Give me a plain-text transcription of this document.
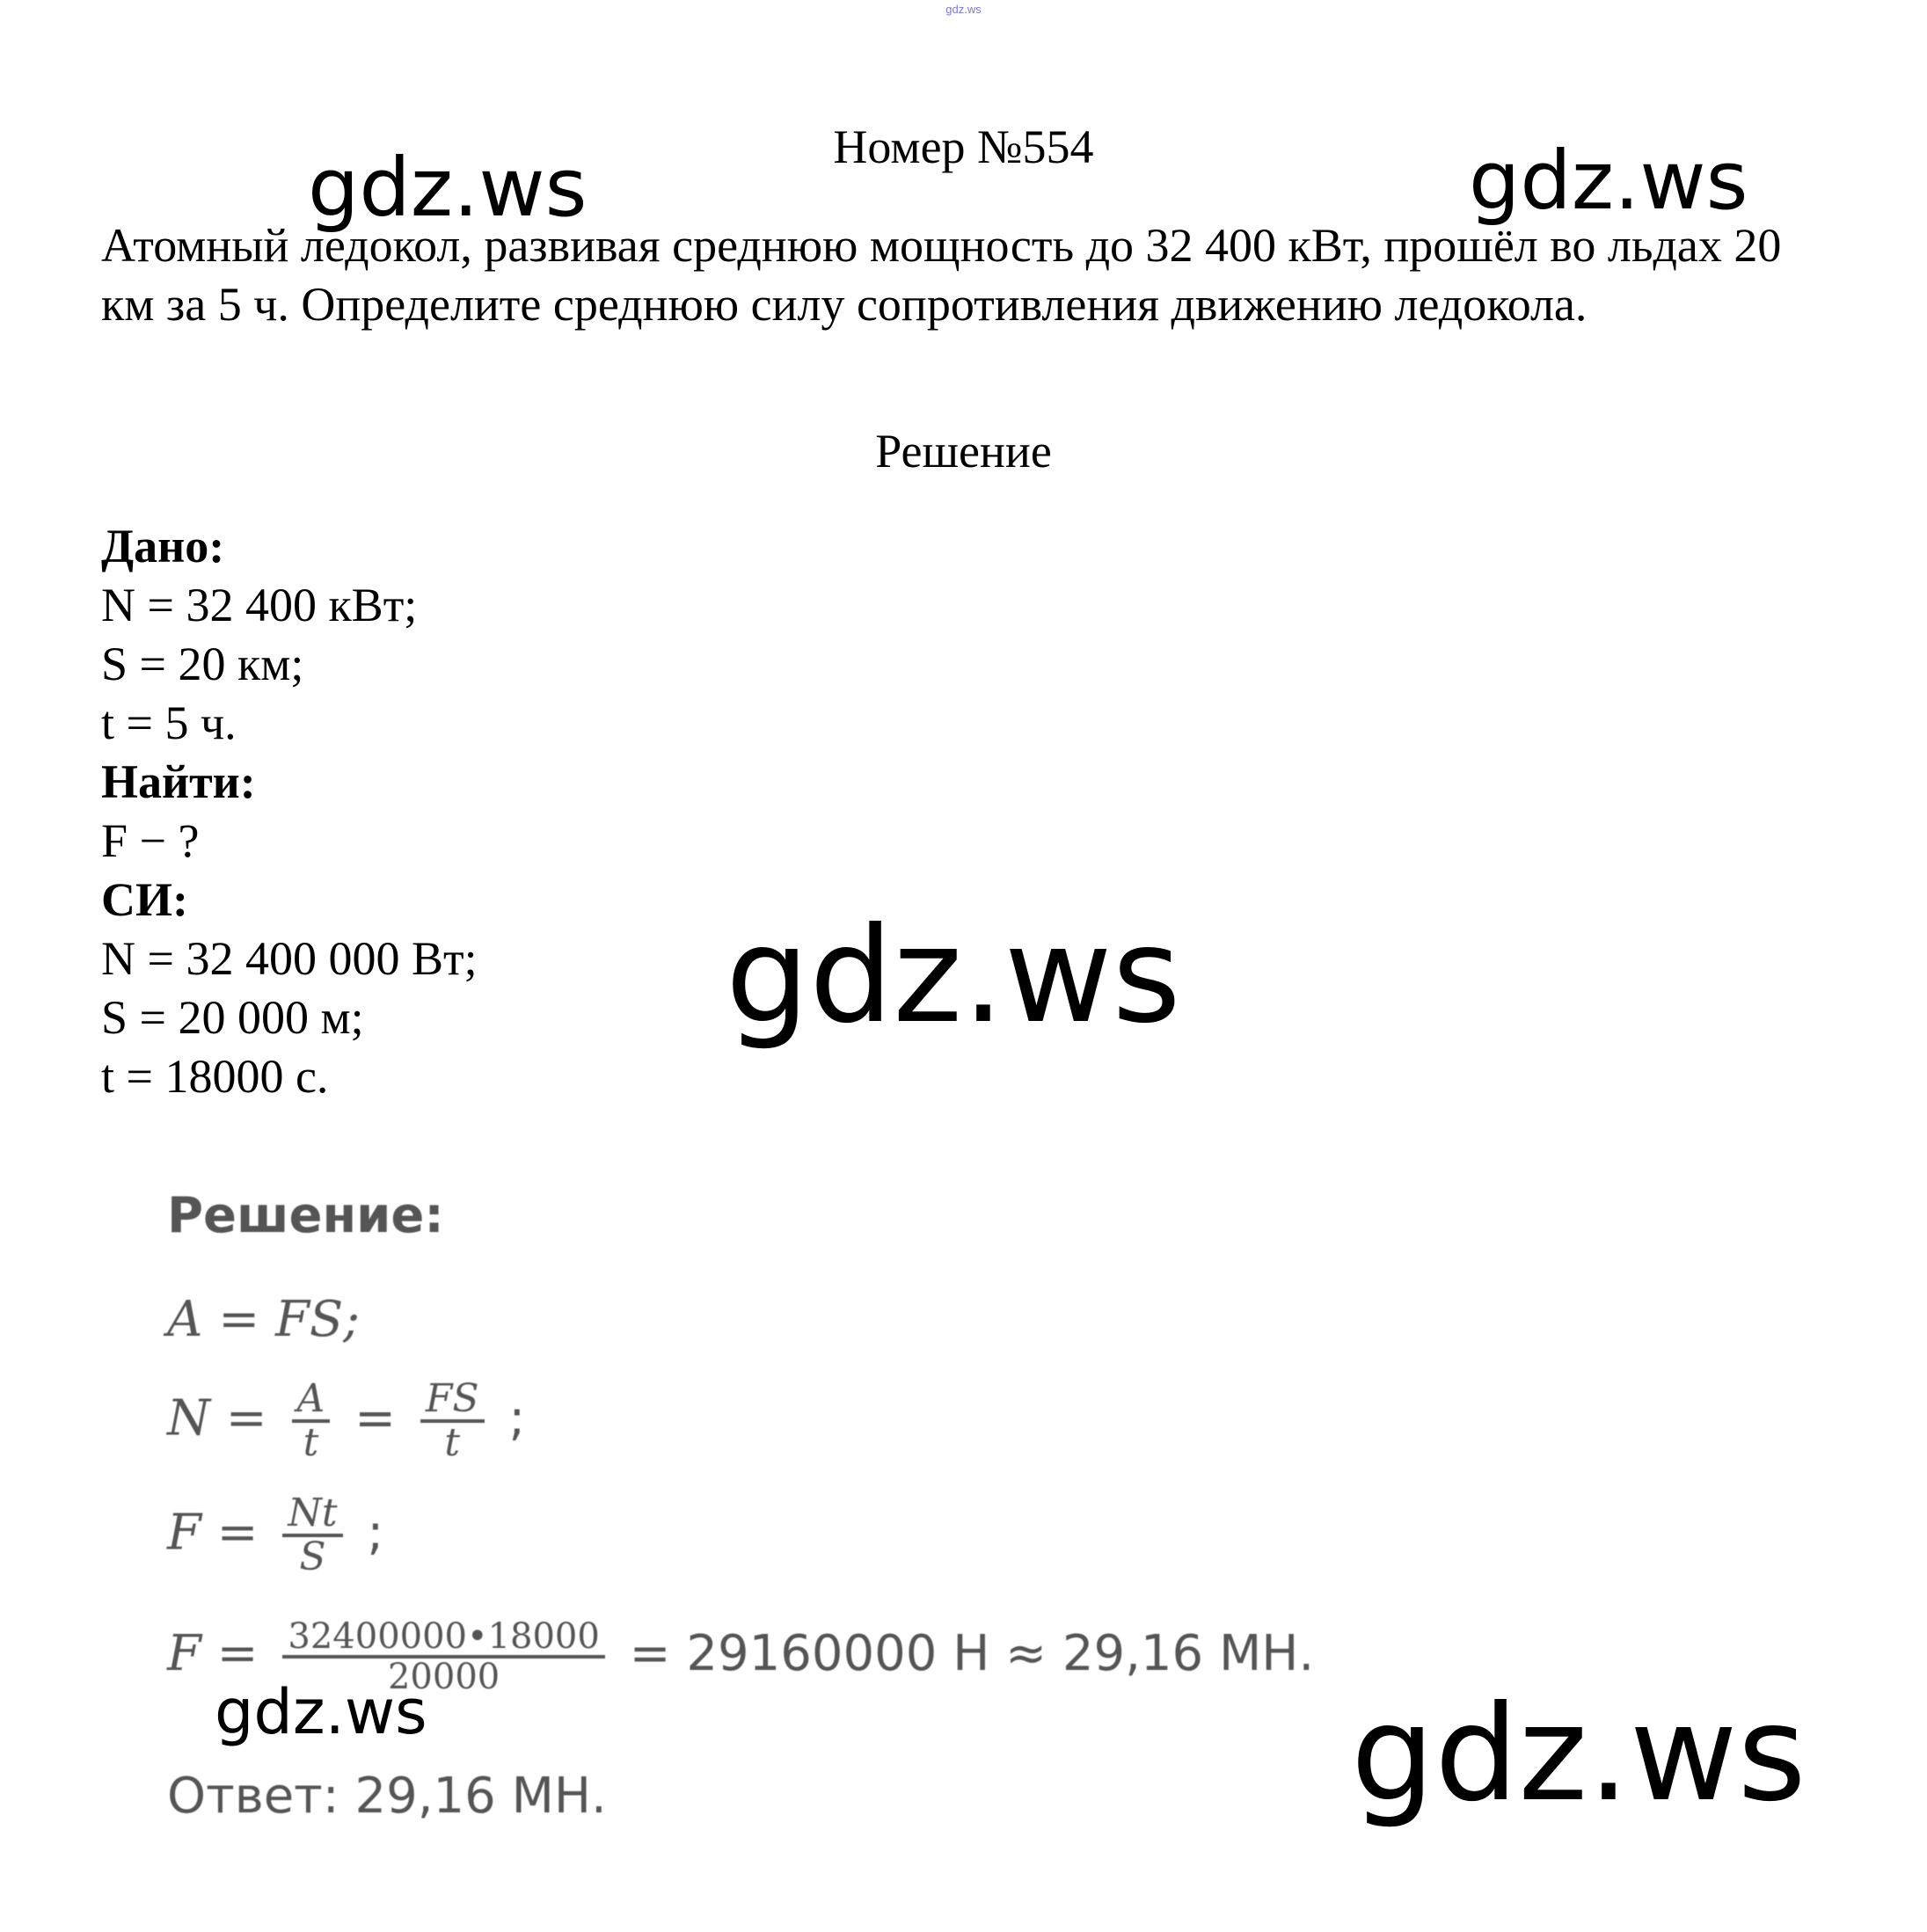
gdz.ws
Номер №554

Атомный ледокол, развивая среднюю мощность до 32 400 кВт, прошёл во льдах 20 км за 5 ч. Определите среднюю силу сопротивления движению ледокола.

Решение
Дано:
N = 32 400 кВт;
S = 20 км;
t = 5 ч.
Найти:
F − ?
СИ:
N = 32 400 000 Вт;
S = 20 000 м;
t = 18000 с.
Решение:
A = FS;
$N = \frac{A}{t} = \frac{FS}{t}$ ;
$F = \frac{Nt}{S}$ ;
$F = \frac{32400000•18000}{20000} = 29160000$ Н ≈ 29,16 МН.
Ответ: 29,16 МН.
gdz.ws	gdz.ws
gdz.ws
gdz.ws	gdz.ws
